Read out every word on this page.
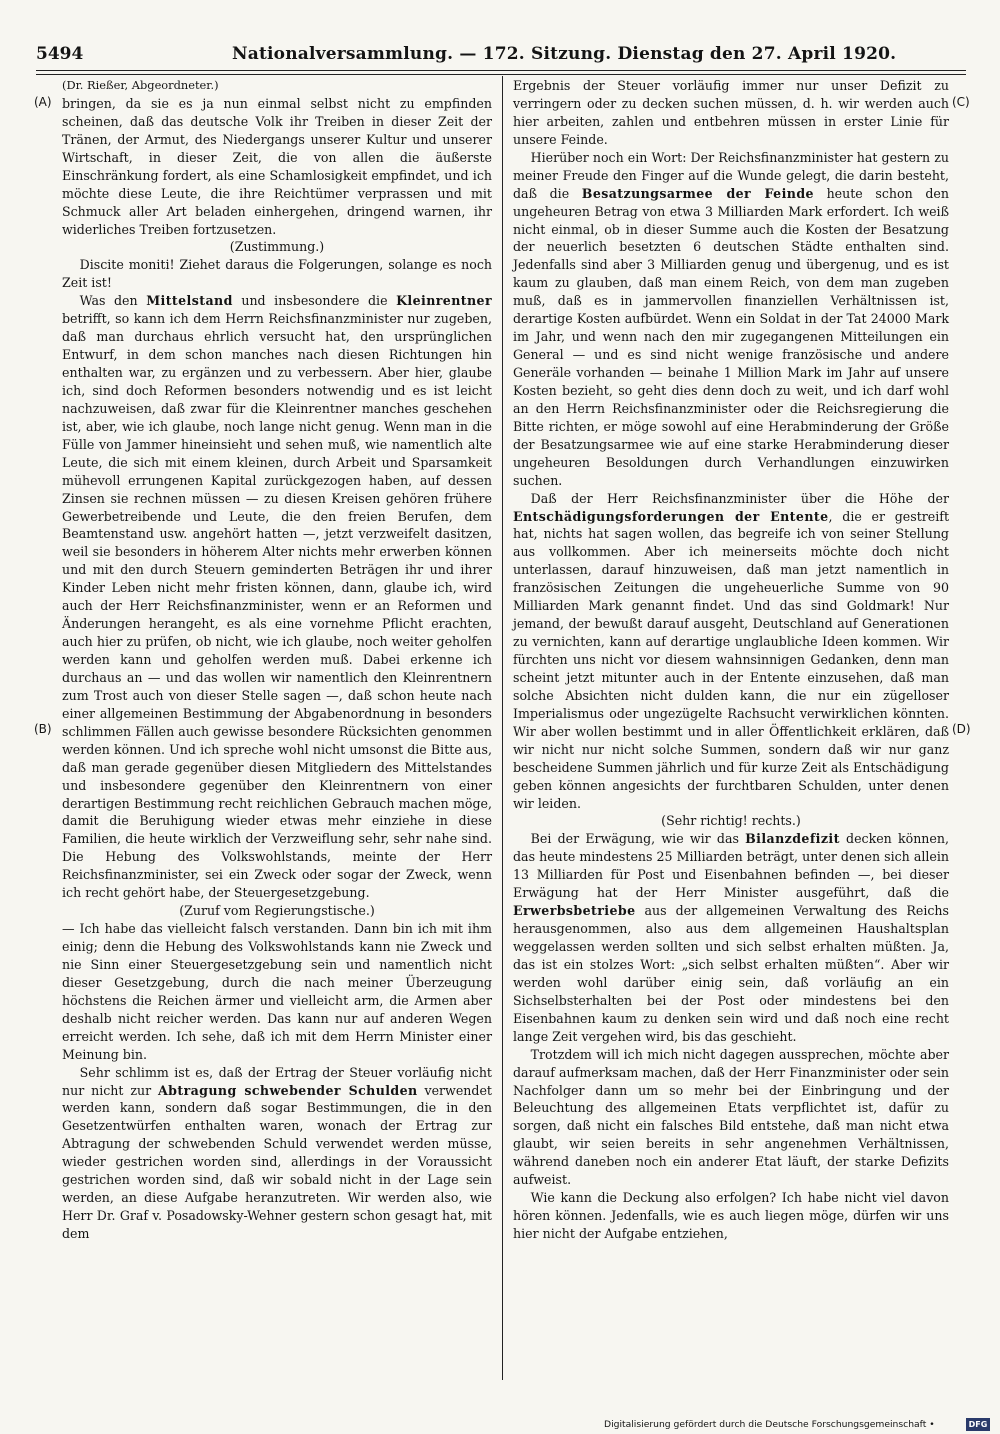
5494	Nationalversammlung. — 172. Sitzung. Dienstag den 27. April 1920.
(A)
(B)
(C)
(D)

(Dr. Rießer, Abgeordneter.)

bringen, da sie es ja nun einmal selbst nicht zu empfinden scheinen, daß das deutsche Volk ihr Treiben in dieser Zeit der Tränen, der Armut, des Niedergangs unserer Kultur und unserer Wirtschaft, in dieser Zeit, die von allen die äußerste Einschränkung fordert, als eine Schamlosigkeit empfindet, und ich möchte diese Leute, die ihre Reichtümer verprassen und mit Schmuck aller Art beladen einhergehen, dringend warnen, ihr widerliches Treiben fortzusetzen.

(Zustimmung.)

Discite moniti! Ziehet daraus die Folgerungen, solange es noch Zeit ist!

Was den Mittelstand und insbesondere die Kleinrentner betrifft, so kann ich dem Herrn Reichsfinanzminister nur zugeben, daß man durchaus ehrlich versucht hat, den ursprünglichen Entwurf, in dem schon manches nach diesen Richtungen hin enthalten war, zu ergänzen und zu verbessern. Aber hier, glaube ich, sind doch Reformen besonders notwendig und es ist leicht nachzuweisen, daß zwar für die Kleinrentner manches geschehen ist, aber, wie ich glaube, noch lange nicht genug. Wenn man in die Fülle von Jammer hineinsieht und sehen muß, wie namentlich alte Leute, die sich mit einem kleinen, durch Arbeit und Sparsamkeit mühevoll errungenen Kapital zurückgezogen haben, auf dessen Zinsen sie rechnen müssen — zu diesen Kreisen gehören frühere Gewerbetreibende und Leute, die den freien Berufen, dem Beamtenstand usw. angehört hatten —, jetzt verzweifelt dasitzen, weil sie besonders in höherem Alter nichts mehr erwerben können und mit den durch Steuern geminderten Beträgen ihr und ihrer Kinder Leben nicht mehr fristen können, dann, glaube ich, wird auch der Herr Reichsfinanzminister, wenn er an Reformen und Änderungen herangeht, es als eine vornehme Pflicht erachten, auch hier zu prüfen, ob nicht, wie ich glaube, noch weiter geholfen werden kann und geholfen werden muß. Dabei erkenne ich durchaus an — und das wollen wir namentlich den Kleinrentnern zum Trost auch von dieser Stelle sagen —, daß schon heute nach einer allgemeinen Bestimmung der Abgabenordnung in besonders schlimmen Fällen auch gewisse besondere Rücksichten genommen werden können. Und ich spreche wohl nicht umsonst die Bitte aus, daß man gerade gegenüber diesen Mitgliedern des Mittelstandes und insbesondere gegenüber den Kleinrentnern von einer derartigen Bestimmung recht reichlichen Gebrauch machen möge, damit die Beruhigung wieder etwas mehr einziehe in diese Familien, die heute wirklich der Verzweiflung sehr, sehr nahe sind. Die Hebung des Volkswohlstands, meinte der Herr Reichsfinanzminister, sei ein Zweck oder sogar der Zweck, wenn ich recht gehört habe, der Steuergesetzgebung.

(Zuruf vom Regierungstische.)

— Ich habe das vielleicht falsch verstanden. Dann bin ich mit ihm einig; denn die Hebung des Volkswohlstands kann nie Zweck und nie Sinn einer Steuergesetzgebung sein und namentlich nicht dieser Gesetzgebung, durch die nach meiner Überzeugung höchstens die Reichen ärmer und vielleicht arm, die Armen aber deshalb nicht reicher werden. Das kann nur auf anderen Wegen erreicht werden. Ich sehe, daß ich mit dem Herrn Minister einer Meinung bin.

Sehr schlimm ist es, daß der Ertrag der Steuer vorläufig nicht nur nicht zur Abtragung schwebender Schulden verwendet werden kann, sondern daß sogar Bestimmungen, die in den Gesetzentwürfen enthalten waren, wonach der Ertrag zur Abtragung der schwebenden Schuld verwendet werden müsse, wieder gestrichen worden sind, allerdings in der Voraussicht gestrichen worden sind, daß wir sobald nicht in der Lage sein werden, an diese Aufgabe heranzutreten. Wir werden also, wie Herr Dr. Graf v. Posadowsky-Wehner gestern schon gesagt hat, mit dem

Ergebnis der Steuer vorläufig immer nur unser Defizit zu verringern oder zu decken suchen müssen, d. h. wir werden auch hier arbeiten, zahlen und entbehren müssen in erster Linie für unsere Feinde.

Hierüber noch ein Wort: Der Reichsfinanzminister hat gestern zu meiner Freude den Finger auf die Wunde gelegt, die darin besteht, daß die Besatzungsarmee der Feinde heute schon den ungeheuren Betrag von etwa 3 Milliarden Mark erfordert. Ich weiß nicht einmal, ob in dieser Summe auch die Kosten der Besatzung der neuerlich besetzten 6 deutschen Städte enthalten sind. Jedenfalls sind aber 3 Milliarden genug und übergenug, und es ist kaum zu glauben, daß man einem Reich, von dem man zugeben muß, daß es in jammervollen finanziellen Verhältnissen ist, derartige Kosten aufbürdet. Wenn ein Soldat in der Tat 24000 Mark im Jahr, und wenn nach den mir zugegangenen Mitteilungen ein General — und es sind nicht wenige französische und andere Generäle vorhanden — beinahe 1 Million Mark im Jahr auf unsere Kosten bezieht, so geht dies denn doch zu weit, und ich darf wohl an den Herrn Reichsfinanzminister oder die Reichsregierung die Bitte richten, er möge sowohl auf eine Herabminderung der Größe der Besatzungsarmee wie auf eine starke Herabminderung dieser ungeheuren Besoldungen durch Verhandlungen einzuwirken suchen.

Daß der Herr Reichsfinanzminister über die Höhe der Entschädigungsforderungen der Entente, die er gestreift hat, nichts hat sagen wollen, das begreife ich von seiner Stellung aus vollkommen. Aber ich meinerseits möchte doch nicht unterlassen, darauf hinzuweisen, daß man jetzt namentlich in französischen Zeitungen die ungeheuerliche Summe von 90 Milliarden Mark genannt findet. Und das sind Goldmark! Nur jemand, der bewußt darauf ausgeht, Deutschland auf Generationen zu vernichten, kann auf derartige unglaubliche Ideen kommen. Wir fürchten uns nicht vor diesem wahnsinnigen Gedanken, denn man scheint jetzt mitunter auch in der Entente einzusehen, daß man solche Absichten nicht dulden kann, die nur ein zügelloser Imperialismus oder ungezügelte Rachsucht verwirklichen könnten. Wir aber wollen bestimmt und in aller Öffentlichkeit erklären, daß wir nicht nur nicht solche Summen, sondern daß wir nur ganz bescheidene Summen jährlich und für kurze Zeit als Entschädigung geben können angesichts der furchtbaren Schulden, unter denen wir leiden.

(Sehr richtig! rechts.)

Bei der Erwägung, wie wir das Bilanzdefizit decken können, das heute mindestens 25 Milliarden beträgt, unter denen sich allein 13 Milliarden für Post und Eisenbahnen befinden —, bei dieser Erwägung hat der Herr Minister ausgeführt, daß die Erwerbsbetriebe aus der allgemeinen Verwaltung des Reichs herausgenommen, also aus dem allgemeinen Haushaltsplan weggelassen werden sollten und sich selbst erhalten müßten. Ja, das ist ein stolzes Wort: „sich selbst erhalten müßten“. Aber wir werden wohl darüber einig sein, daß vorläufig an ein Sichselbsterhalten bei der Post oder mindestens bei den Eisenbahnen kaum zu denken sein wird und daß noch eine recht lange Zeit vergehen wird, bis das geschieht.

Trotzdem will ich mich nicht dagegen aussprechen, möchte aber darauf aufmerksam machen, daß der Herr Finanzminister oder sein Nachfolger dann um so mehr bei der Einbringung und der Beleuchtung des allgemeinen Etats verpflichtet ist, dafür zu sorgen, daß nicht ein falsches Bild entstehe, daß man nicht etwa glaubt, wir seien bereits in sehr angenehmen Verhältnissen, während daneben noch ein anderer Etat läuft, der starke Defizits aufweist.

Wie kann die Deckung also erfolgen? Ich habe nicht viel davon hören können. Jedenfalls, wie es auch liegen möge, dürfen wir uns hier nicht der Aufgabe entziehen,

Digitalisierung gefördert durch die Deutsche Forschungsgemeinschaft •	DFG
